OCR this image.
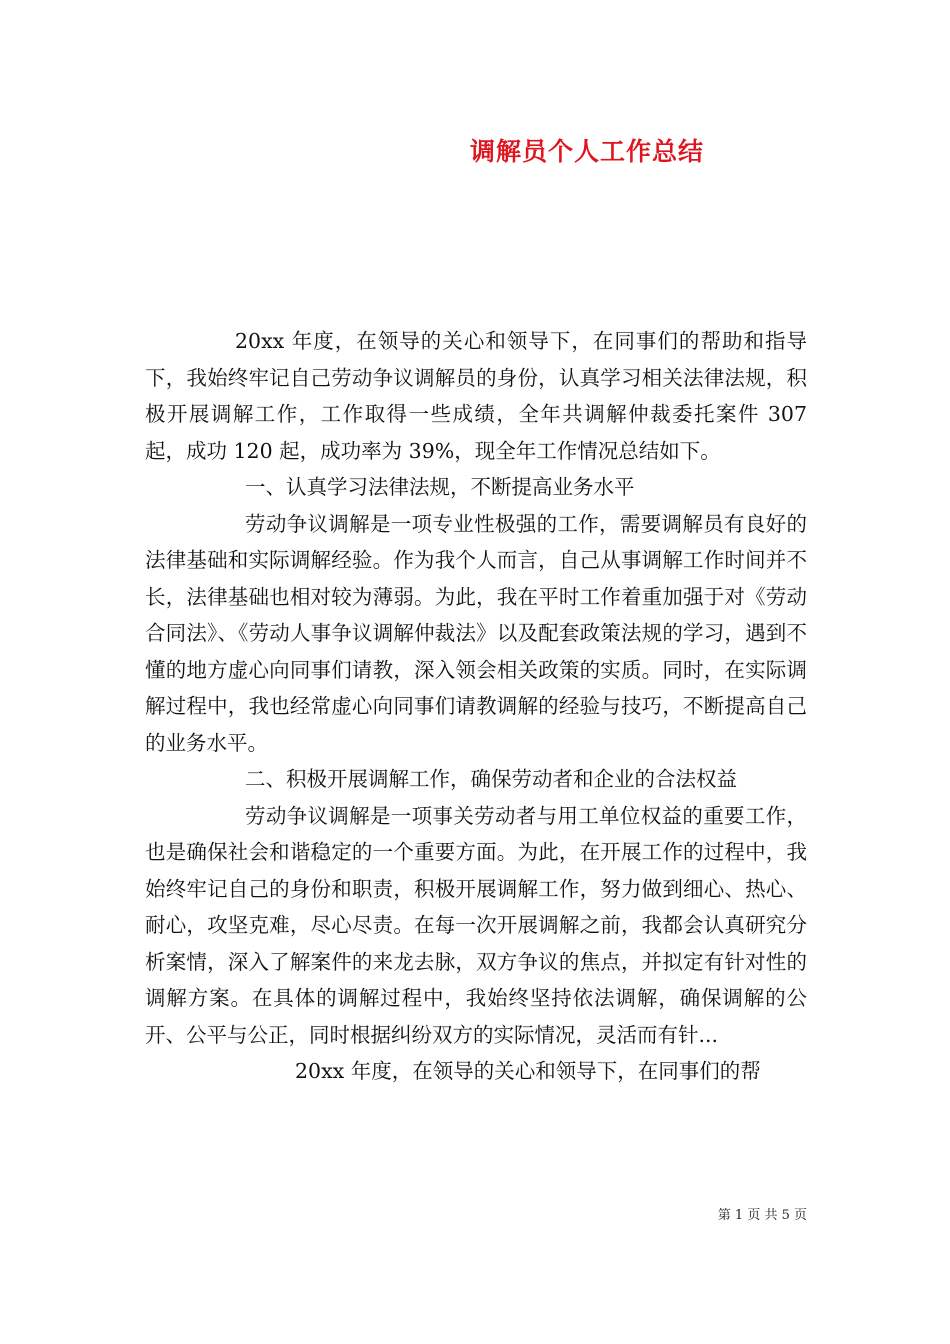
调解员个人工作总结

20xx 年度，在领导的关心和领导下，在同事们的帮助和指导下，我始终牢记自己劳动争议调解员的身份，认真学习相关法律法规，积极开展调解工作，工作取得一些成绩，全年共调解仲裁委托案件 307 起，成功 120 起，成功率为 39%，现全年工作情况总结如下。

一、认真学习法律法规，不断提高业务水平

劳动争议调解是一项专业性极强的工作，需要调解员有良好的法律基础和实际调解经验。作为我个人而言，自己从事调解工作时间并不长，法律基础也相对较为薄弱。为此，我在平时工作着重加强于对《劳动合同法》、《劳动人事争议调解仲裁法》以及配套政策法规的学习，遇到不懂的地方虚心向同事们请教，深入领会相关政策的实质。同时，在实际调解过程中，我也经常虚心向同事们请教调解的经验与技巧，不断提高自己的业务水平。

二、积极开展调解工作，确保劳动者和企业的合法权益

劳动争议调解是一项事关劳动者与用工单位权益的重要工作，也是确保社会和谐稳定的一个重要方面。为此，在开展工作的过程中，我始终牢记自己的身份和职责，积极开展调解工作，努力做到细心、热心、耐心，攻坚克难，尽心尽责。在每一次开展调解之前，我都会认真研究分析案情，深入了解案件的来龙去脉，双方争议的焦点，并拟定有针对性的调解方案。在具体的调解过程中，我始终坚持依法调解，确保调解的公开、公平与公正，同时根据纠纷双方的实际情况，灵活而有针...

20xx 年度，在领导的关心和领导下，在同事们的帮

第 1 页 共 5 页
